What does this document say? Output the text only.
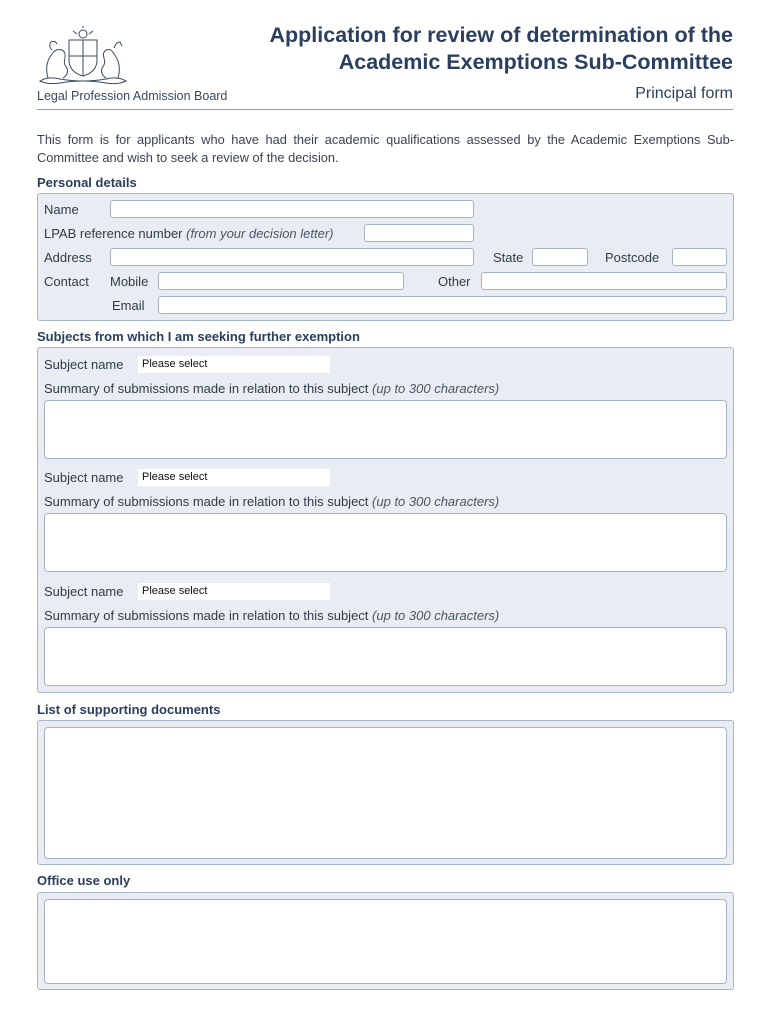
Legal Profession Admission Board
Application for review of determination of the
Academic Exemptions Sub-Committee
Principal form
This form is for applicants who have had their academic qualifications assessed by the Academic Exemptions Sub-Committee and wish to seek a review of the decision.
Personal details
Name
LPAB reference number (from your decision letter)
Address	State	Postcode
Contact Mobile	Other
Email
Subjects from which I am seeking further exemption
Subject name	Please select
Summary of submissions made in relation to this subject (up to 300 characters)
Subject name	Please select
Summary of submissions made in relation to this subject (up to 300 characters)
Subject name	Please select
Summary of submissions made in relation to this subject (up to 300 characters)
List of supporting documents
Office use only
